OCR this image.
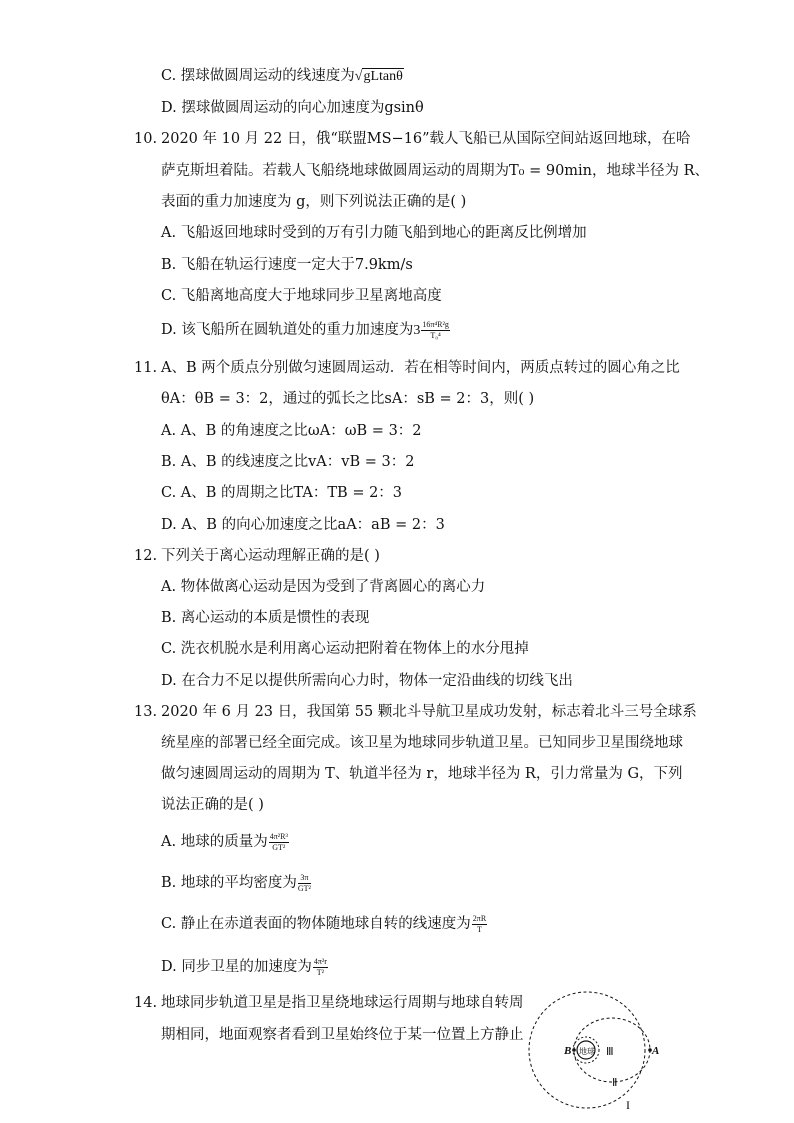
C. 摆球做圆周运动的线速度为√gLtanθ
D. 摆球做圆周运动的向心加速度为gsinθ
10. 2020 年 10 月 22 日，俄“联盟MS−16”载人飞船已从国际空间站返回地球，在哈
萨克斯坦着陆。若载人飞船绕地球做圆周运动的周期为T₀ = 90min，地球半径为 R、
表面的重力加速度为 g，则下列说法正确的是( )
A. 飞船返回地球时受到的万有引力随飞船到地心的距离反比例增加
B. 飞船在轨运行速度一定大于7.9km/s
C. 飞船离地高度大于地球同步卫星离地高度
D. 该飞船所在圆轨道处的重力加速度为$3 \frac{\text{16π⁴R²g}}{\text{T₀⁴}}$
11. A、B 两个质点分别做匀速圆周运动．若在相等时间内，两质点转过的圆心角之比
θA：θB = 3：2，通过的弧长之比sA：sB = 2：3，则( )
A. A、B 的角速度之比ωA：ωB = 3：2
B. A、B 的线速度之比vA：vB = 3：2
C. A、B 的周期之比TA：TB = 2：3
D. A、B 的向心加速度之比aA：aB = 2：3
12. 下列关于离心运动理解正确的是( )
A. 物体做离心运动是因为受到了背离圆心的离心力
B. 离心运动的本质是惯性的表现
C. 洗衣机脱水是利用离心运动把附着在物体上的水分甩掉
D. 在合力不足以提供所需向心力时，物体一定沿曲线的切线飞出
13. 2020 年 6 月 23 日，我国第 55 颗北斗导航卫星成功发射，标志着北斗三号全球系
统星座的部署已经全面完成。该卫星为地球同步轨道卫星。已知同步卫星围绕地球
做匀速圆周运动的周期为 T、轨道半径为 r，地球半径为 R，引力常量为 G，下列
说法正确的是( )
A. 地球的质量为 $\frac{\text{4π²R³}}{\text{GT²}}$
B. 地球的平均密度为 $\frac{3\pi}{\text{GT²}}$
C. 静止在赤道表面的物体随地球自转的线速度为 $\frac{2\pi R}{T}$
D. 同步卫星的加速度为 $\frac{\text{4π²r}}{\text{T²}}$
14. 地球同步轨道卫星是指卫星绕地球运行周期与地球自转周
期相同，地面观察者看到卫星始终位于某一位置上方静止
B 地球 Ⅲ	A
Ⅱ
I
